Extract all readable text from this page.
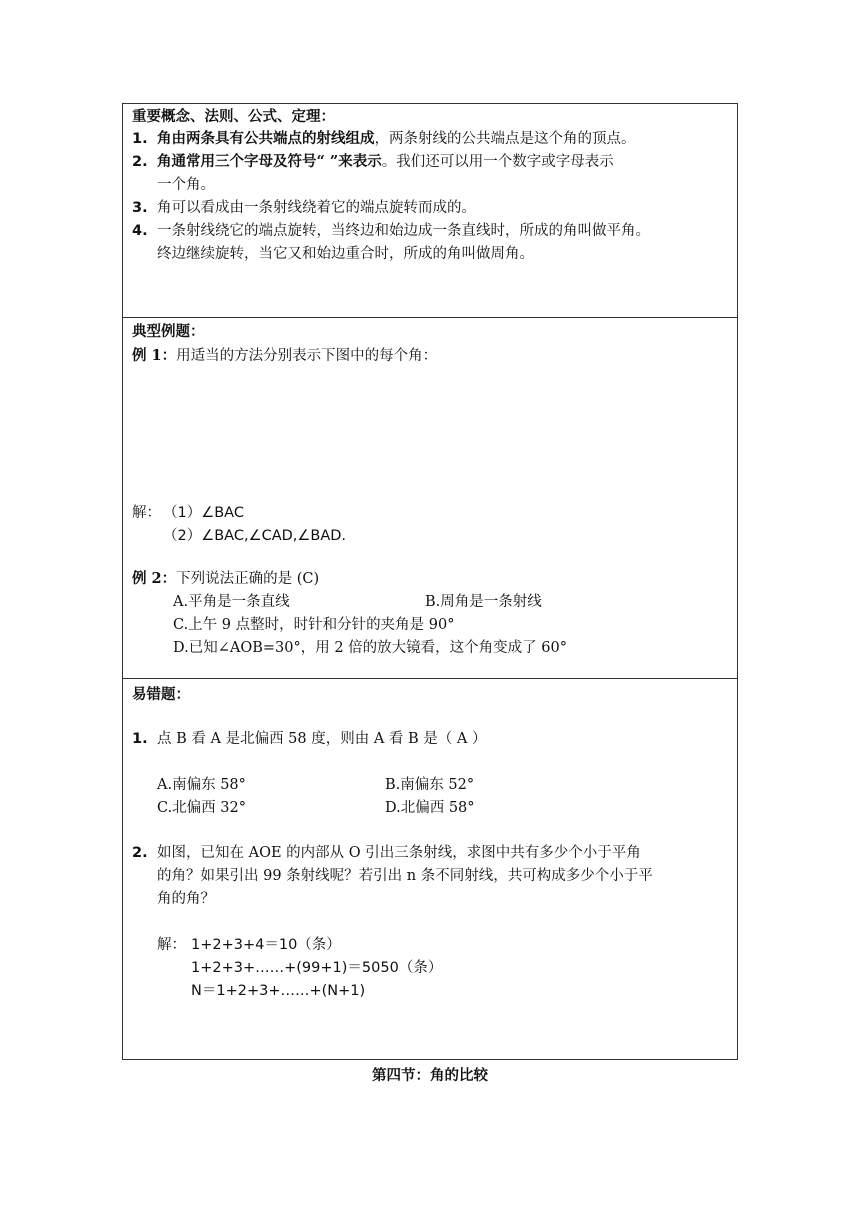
重要概念、法则、公式、定理：
1. 角由两条具有公共端点的射线组成，两条射线的公共端点是这个角的顶点。
2. 角通常用三个字母及符号“ ”来表示。我们还可以用一个数字或字母表示
一个角。
3. 角可以看成由一条射线绕着它的端点旋转而成的。
4. 一条射线绕它的端点旋转，当终边和始边成一条直线时，所成的角叫做平角。
终边继续旋转，当它又和始边重合时，所成的角叫做周角。
典型例题：
例 1：用适当的方法分别表示下图中的每个角：
解： （1）∠BAC
（2）∠BAC,∠CAD,∠BAD.
例 2：下列说法正确的是 (C)
A.平角是一条直线	B.周角是一条射线
C.上午 9 点整时，时针和分针的夹角是 90°
D.已知∠AOB=30°，用 2 倍的放大镜看，这个角变成了 60°
易错题：
1. 点 B 看 A 是北偏西 58 度，则由 A 看 B 是（ A ）
A.南偏东 58°	B.南偏东 52°
C.北偏西 32°	D.北偏西 58°
2. 如图，已知在 AOE 的内部从 O 引出三条射线，求图中共有多少个小于平角
的角？如果引出 99 条射线呢？若引出 n 条不同射线，共可构成多少个小于平
角的角？
解： 1+2+3+4＝10（条）
1+2+3+……+(99+1)＝5050（条）
N＝1+2+3+……+(N+1)
第四节：角的比较
